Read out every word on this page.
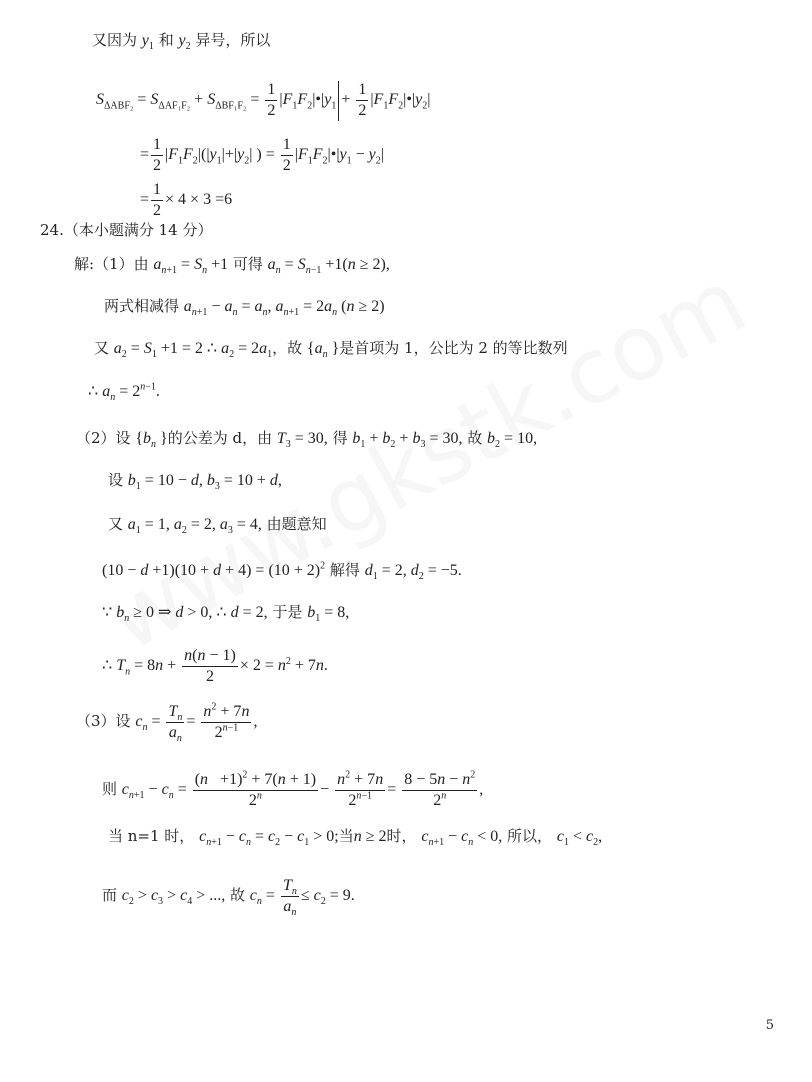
又因为 $y_1$ 和 $y_2$ 异号，所以
$S_{\Delta ABF_2} = S_{\Delta AF_1F_2} + S_{\Delta BF_1F_2} = \frac{1}{2}$ $|F_1F_2|•|y_1 + \frac{1}{2}$ $|F_1F_2|•|y_2|$
= $\frac{1}{2} |F_1F_2|(|y_1|+|y_2|$ ) = $\frac{1}{2}$ $|F_1F_2|•|y_1 - y_2|$
= $\frac{1}{2} \times 4 \times 3 =6$
24.（本小题满分 14 分）
解:（1）由 $a_{n+1} = S_n +1$ 可得 $a_n = S_{n-1} +1(n \ge 2)$,
两式相减得 $a_{n+1} - a_n = a_n$, $a_{n+1} = 2a_n$ (n ≥ 2)
又 $a_2 = S_1 +1 = 2$ ∴ $a_2 = 2a_1$，故 {$a_n$ }是首项为 1，公比为 2 的等比数列
∴ $a_n = 2^{n-1}$.
（2）设 {$b_n$ }的公差为 d，由 $T_3 = 30$, 得 $b_1 + b_2 + b_3 = 30$, 故 $b_2 = 10$,
设 $b_1 = 10 - d$, $b_3 = 10 + d$,
又 $a_1 = 1$, $a_2 = 2$, $a_3 = 4$, 由题意知
$(10 - d +1)(10 + d + 4) = (10 + 2)^2$ 解得 $d_1 = 2$, $d_2 = -5$.
∵ $b_n \ge 0$ ⇒ d > 0, ∴ d = 2, 于是 $b_1 = 8$,
∴ $T_n = 8n + \frac{n(n - 1)}{2} \times 2 = n^2 + 7n$.
（3）设 $c_n = \frac{T_n}{a_n} = \frac{n^2 + 7n}{2^{n-1}}$ ,
则 $c_{n+1} - c_n = \frac{(n +1)^2 + 7(n + 1)}{2^n} - \frac{n^2 + 7n}{2^{n-1}} = \frac{8 - 5n - n^2}{2^n}$ ,
当 n=1 时， $c_{n+1} - c_n = c_2 - c_1 > 0$;当n ≥ 2时， $c_{n+1} - c_n < 0$, 所以， $c_1 < c_2$,
而 $c_2 > c_3 > c_4$ > ..., 故 $c_n = \frac{T_n}{a_n} \le c_2 = 9$.
5
